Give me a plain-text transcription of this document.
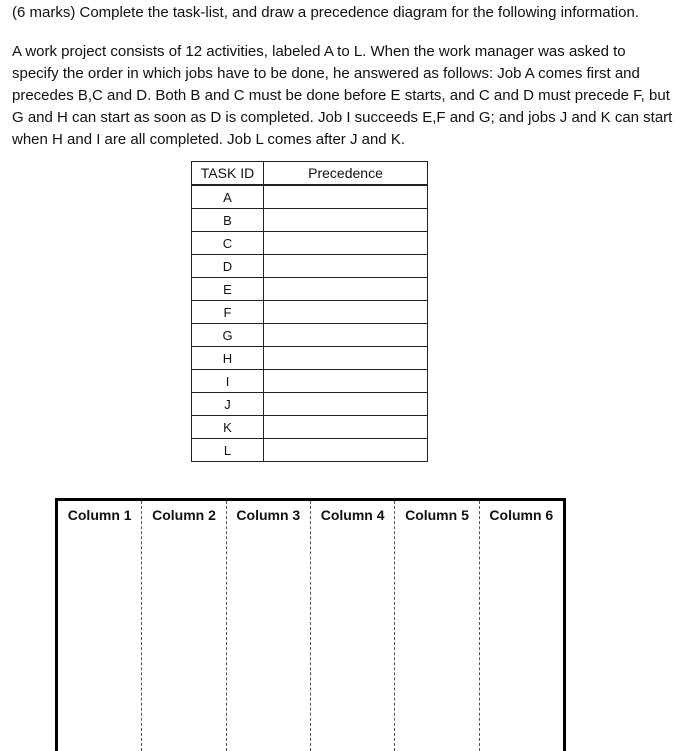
(6 marks) Complete the task-list, and draw a precedence diagram for the following information.
A work project consists of 12 activities, labeled A to L. When the work manager was asked to
specify the order in which jobs have to be done, he answered as follows: Job A comes first and
precedes B,C and D. Both B and C must be done before E starts, and C and D must precede F, but
G and H can start as soon as D is completed. Job I succeeds E,F and G; and jobs J and K can start
when H and I are all completed. Job L comes after J and K.
TASK ID	Precedence
A	
B	
C	
D	
E	
F	
G	
H	
I	
J	
K	
L	
Column 1	Column 2	Column 3	Column 4	Column 5	Column 6
